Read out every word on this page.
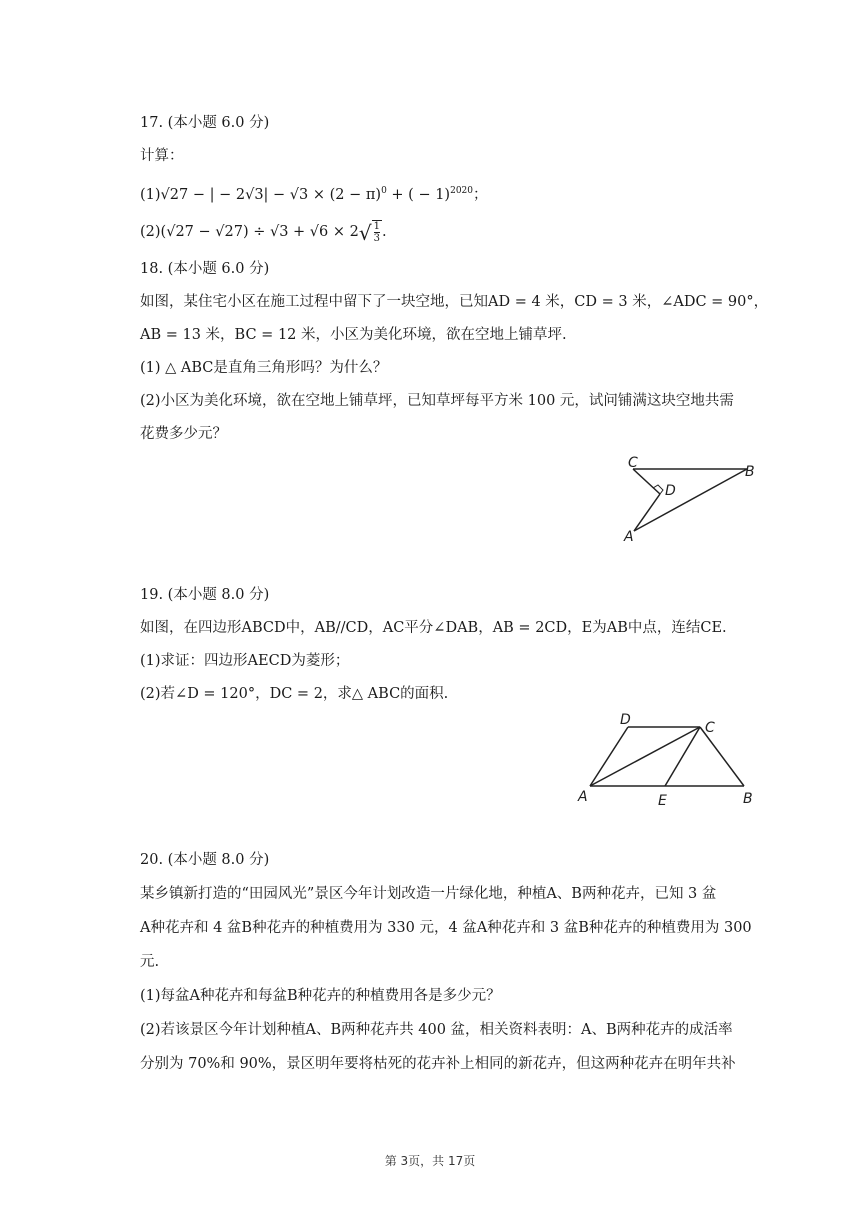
17. (本小题 6.0 分)
计算：
(1)√27 − | − $2√3| - √3 \times (2 - \pi)^0$ + ( − 1)$^{2020}$；
$(2)(√27 - √27) \div √3 + √6 \times 2√ \frac{1}{3}$ .
18. (本小题 6.0 分)
如图，某住宅小区在施工过程中留下了一块空地，已知AD = 4 米，CD = 3 米，∠ADC = 90°，
AB = 13 米，BC = 12 米，小区为美化环境，欲在空地上铺草坪.
(1) △ ABC是直角三角形吗？为什么？
(2)小区为美化环境，欲在空地上铺草坪，已知草坪每平方米 100 元，试问铺满这块空地共需
花费多少元？
C
B
D
A
19. (本小题 8.0 分)
如图，在四边形ABCD中，AB//CD，AC平分∠DAB，AB = 2CD，E为AB中点，连结CE.
(1)求证：四边形AECD为菱形；
(2)若∠D = 120°，DC = 2，求△ ABC的面积.
D	C
A	E	B
20. (本小题 8.0 分)
某乡镇新打造的“田园风光”景区今年计划改造一片绿化地，种植A、B两种花卉，已知 3 盆
A种花卉和 4 盆B种花卉的种植费用为 330 元，4 盆A种花卉和 3 盆B种花卉的种植费用为 300
元.
(1)每盆A种花卉和每盆B种花卉的种植费用各是多少元？
(2)若该景区今年计划种植A、B两种花卉共 400 盆，相关资料表明：A、B两种花卉的成活率
分别为 70%和 90%，景区明年要将枯死的花卉补上相同的新花卉，但这两种花卉在明年共补
第 3页，共 17页
